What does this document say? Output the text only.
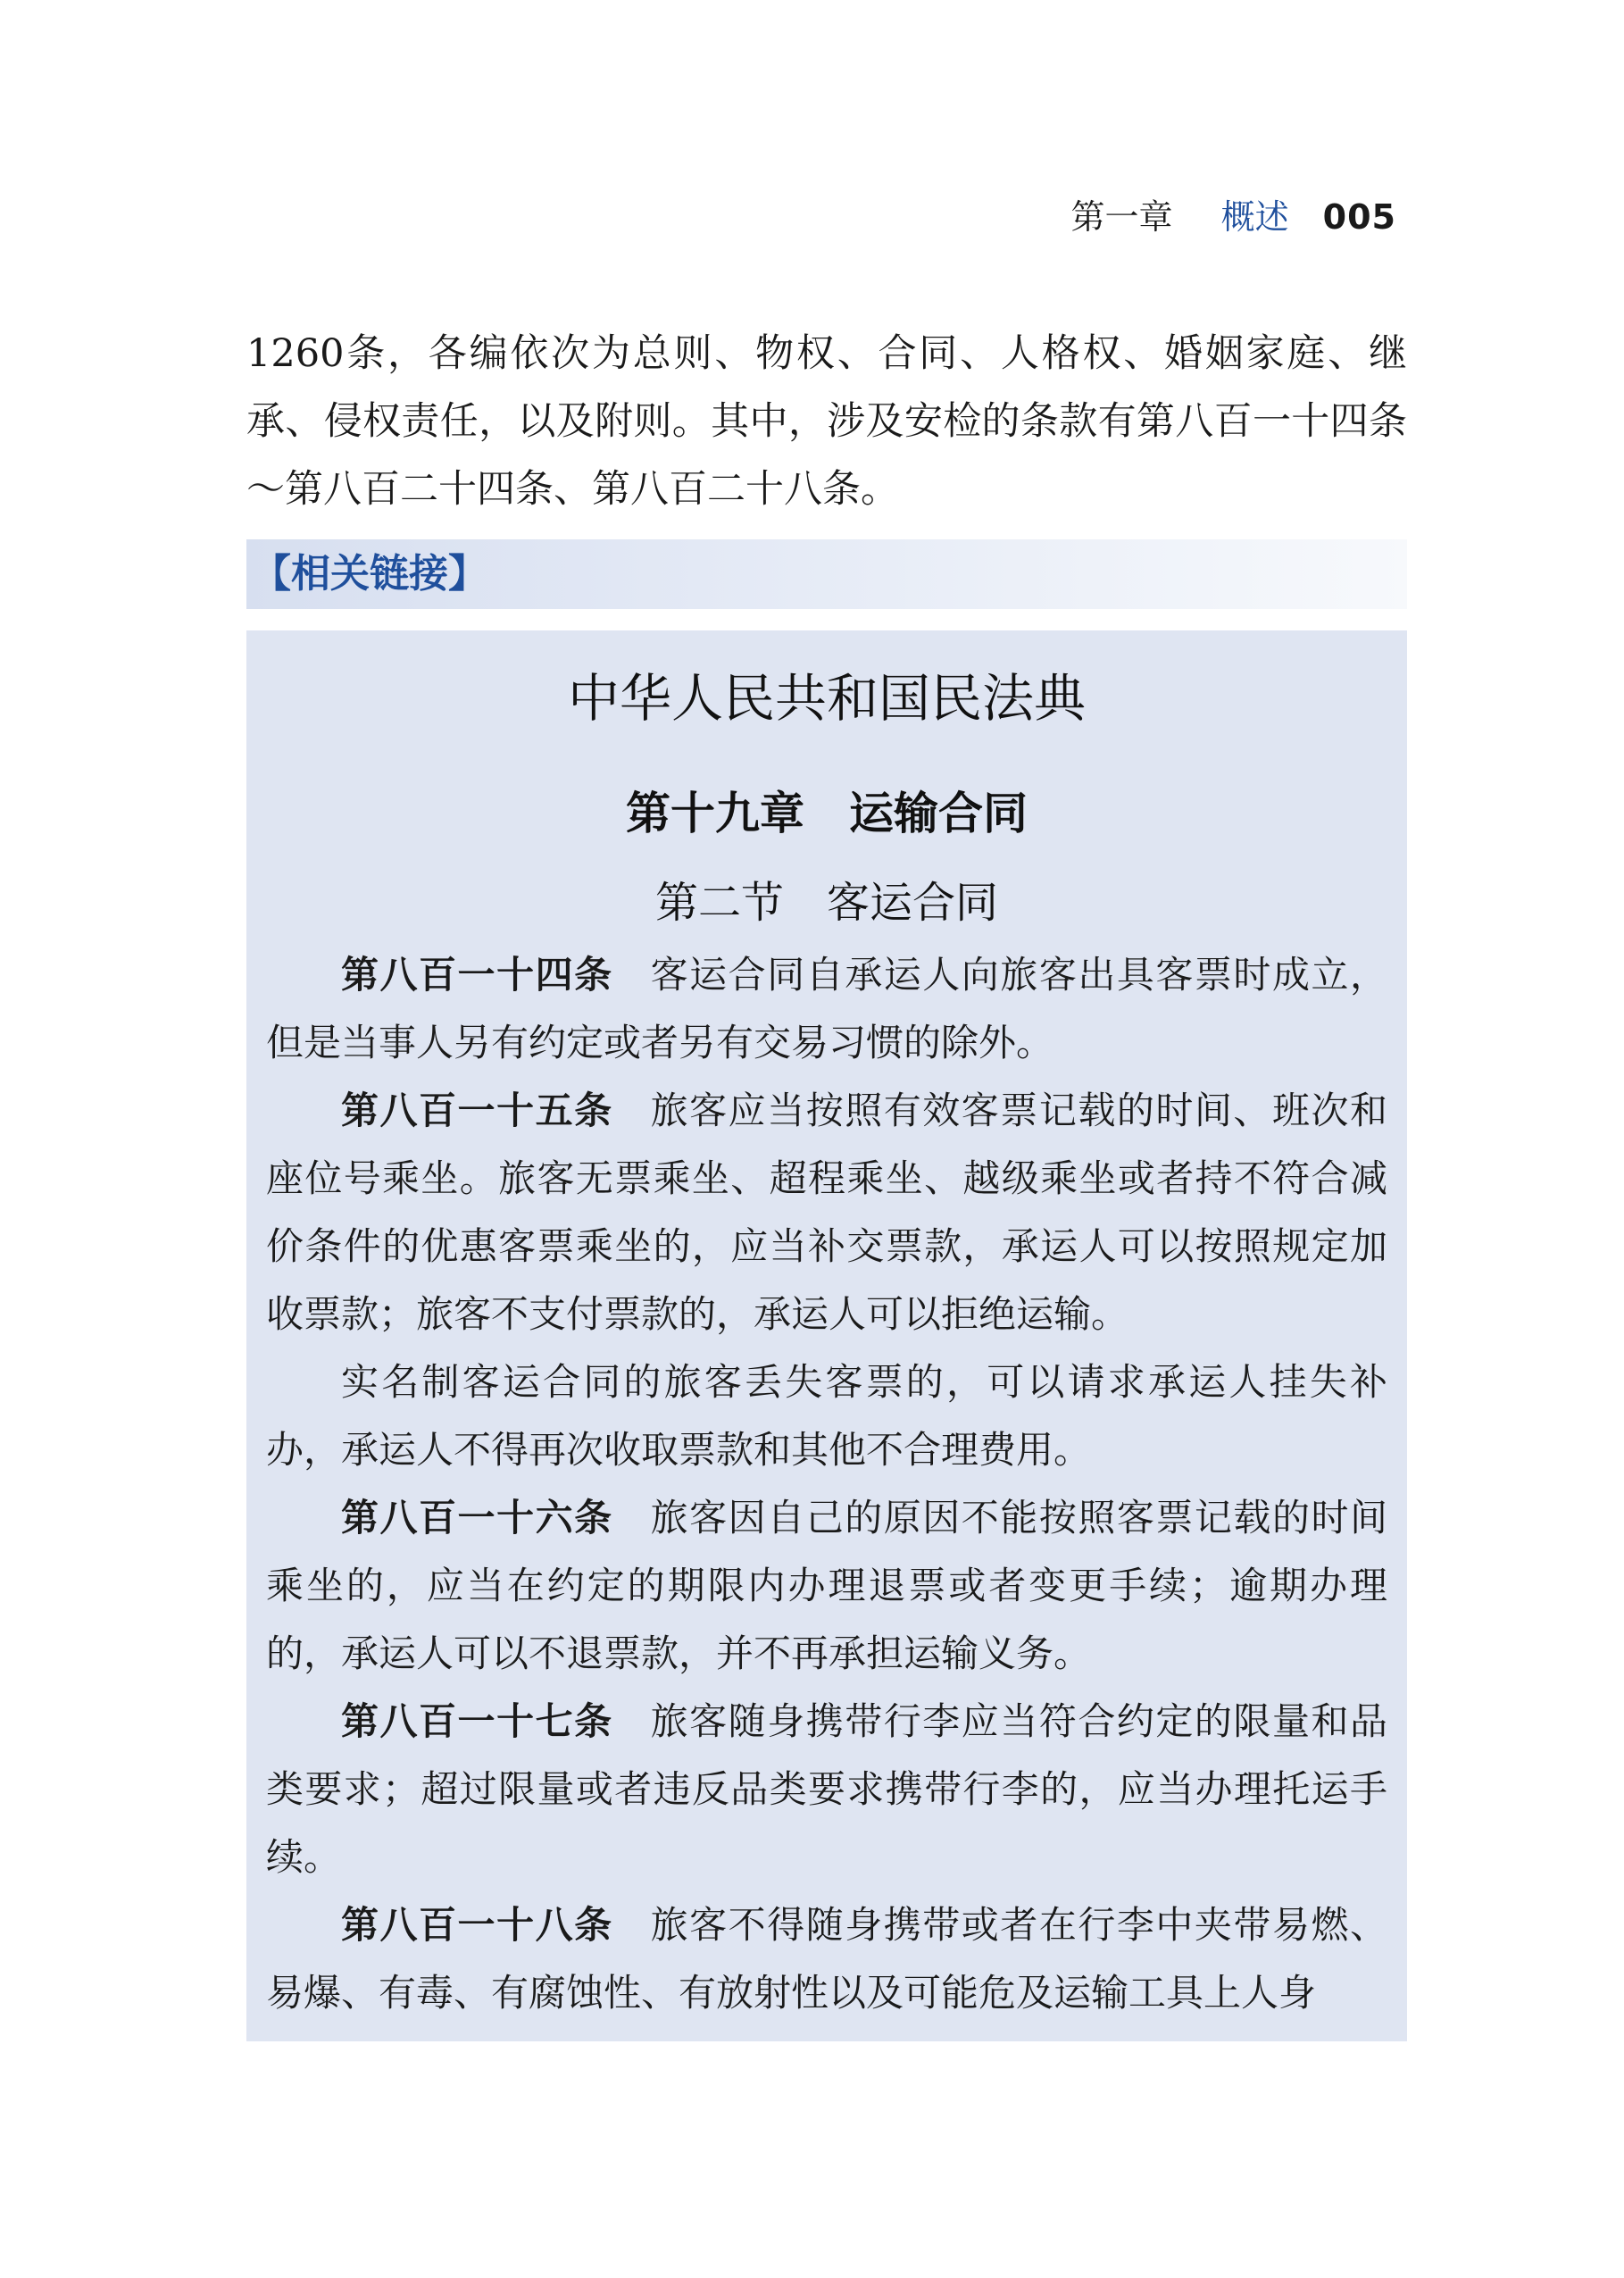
第一章 概述 005

1260条，各编依次为总则、物权、合同、人格权、婚姻家庭、继承、侵权责任，以及附则。其中，涉及安检的条款有第八百一十四条～第八百二十四条、第八百二十八条。

【相关链接】
中华人民共和国民法典
第十九章　运输合同
第二节　客运合同

第八百一十四条 客运合同自承运人向旅客出具客票时成立，但是当事人另有约定或者另有交易习惯的除外。

第八百一十五条 旅客应当按照有效客票记载的时间、班次和座位号乘坐。旅客无票乘坐、超程乘坐、越级乘坐或者持不符合减价条件的优惠客票乘坐的，应当补交票款，承运人可以按照规定加收票款；旅客不支付票款的，承运人可以拒绝运输。

实名制客运合同的旅客丢失客票的，可以请求承运人挂失补办，承运人不得再次收取票款和其他不合理费用。

第八百一十六条 旅客因自己的原因不能按照客票记载的时间乘坐的，应当在约定的期限内办理退票或者变更手续；逾期办理的，承运人可以不退票款，并不再承担运输义务。

第八百一十七条 旅客随身携带行李应当符合约定的限量和品类要求；超过限量或者违反品类要求携带行李的，应当办理托运手续。

第八百一十八条 旅客不得随身携带或者在行李中夹带易燃、易爆、有毒、有腐蚀性、有放射性以及可能危及运输工具上人身
